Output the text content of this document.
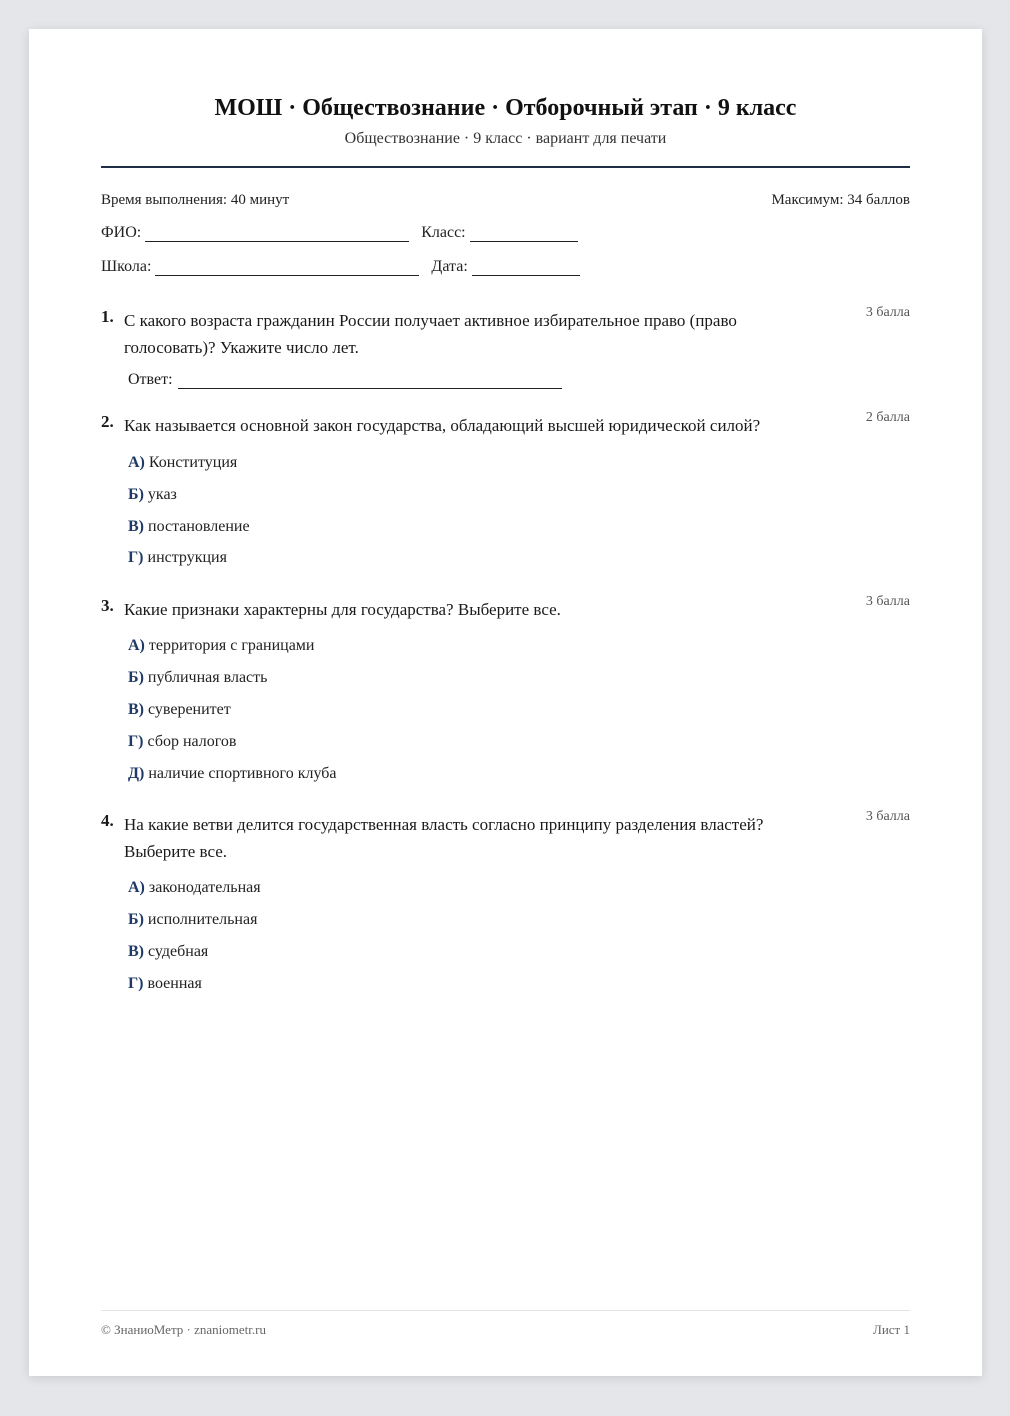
МОШ · Обществознание · Отборочный этап · 9 класс
Обществознание · 9 класс · вариант для печати
Время выполнения: 40 минут	Максимум: 34 баллов
ФИО:	Класс:
Школа:	Дата:
1. С какого возраста гражданин России получает активное избирательное право (право голосовать)? Укажите число лет.
3 балла
Ответ:
2. Как называется основной закон государства, обладающий высшей юридической силой?	2 балла
А) Конституция
Б) указ
В) постановление
Г) инструкция
3. Какие признаки характерны для государства? Выберите все.	3 балла
А) территория с границами
Б) публичная власть
В) суверенитет
Г) сбор налогов
Д) наличие спортивного клуба
4. На какие ветви делится государственная власть согласно принципу разделения властей? Выберите все.
3 балла
А) законодательная
Б) исполнительная
В) судебная
Г) военная
© ЗнаниоМетр · znaniometr.ru	Лист 1
